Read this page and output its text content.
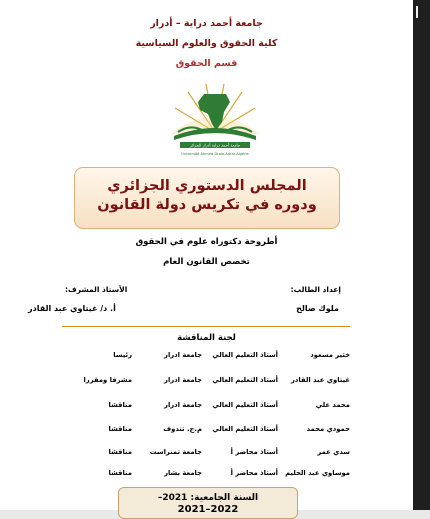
جامعة أحمد دراية – أدرار
كلية الحقوق والعلوم السياسية
قسم الحقوق
جامعة أحمد دراية أدرار الجزائر
Université Ahmed Draia-Adrar-Algérie
المجلس الدستوري الجزائري
ودوره في تكريس دولة القانون
أطروحة دكتوراه علوم في الحقوق
تخصص القانون العام
إعداد الطالب:
الأستاذ المشرف:
ملوك صالح
أ. د/ غيتاوي عبد القادر
لجنة المناقشة
خثير مسعود
أستاذ التعليم العالي
جامعة ادرار
رئيسا
غيتاوي عبد القادر
أستاذ التعليم العالي
جامعة ادرار
مشرفا ومقررا
محمد علي
أستاذ التعليم العالي
جامعة ادرار
مناقشا
حمودي محمد
أستاذ التعليم العالي
م.ج. تندوف
مناقشا
سدي عمر
أستاذ محاضر أ
جامعة تمنراست
مناقشا
موساوي عبد الحليم
أستاذ محاضر أ
جامعة بشار
مناقشا
السنة الجامعية: 2021–
2022–2021
